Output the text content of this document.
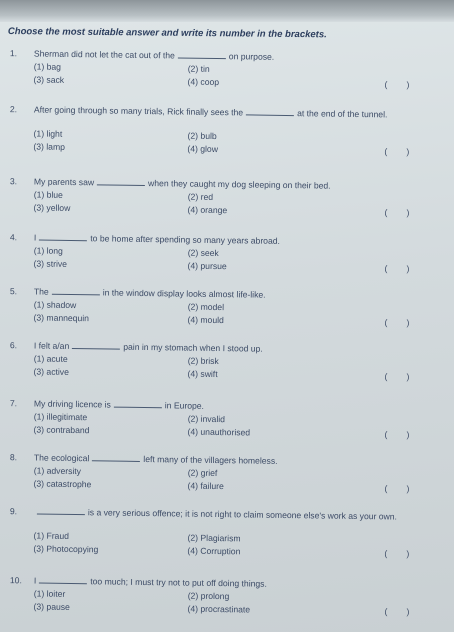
Choose the most suitable answer and write its number in the brackets.
1. Sherman did not let the cat out of the	on purpose.
(1) bag	(2) tin
(3) sack	(4) coop	( )
2. After going through so many trials, Rick finally sees the	at the end of the tunnel.
(1) light	(2) bulb
(3) lamp	(4) glow	( )
3. My parents saw	when they caught my dog sleeping on their bed.
(1) blue	(2) red
(3) yellow	(4) orange	( )
4. I	to be home after spending so many years abroad.
(1) long	(2) seek
(3) strive	(4) pursue	( )
5. The	in the window display looks almost life-like.
(1) shadow	(2) model
(3) mannequin	(4) mould	( )
6. I felt a/an	pain in my stomach when I stood up.
(1) acute	(2) brisk
(3) active	(4) swift	( )
7. My driving licence is	in Europe.
(1) illegitimate	(2) invalid
(3) contraband	(4) unauthorised	( )
8. The ecological	left many of the villagers homeless.
(1) adversity	(2) grief
(3) catastrophe	(4) failure	( )
9.	is a very serious offence; it is not right to claim someone else's work as your own.
(1) Fraud	(2) Plagiarism
(3) Photocopying	(4) Corruption	( )
10. I	too much; I must try not to put off doing things.
(1) loiter	(2) prolong
(3) pause	(4) procrastinate	( )
